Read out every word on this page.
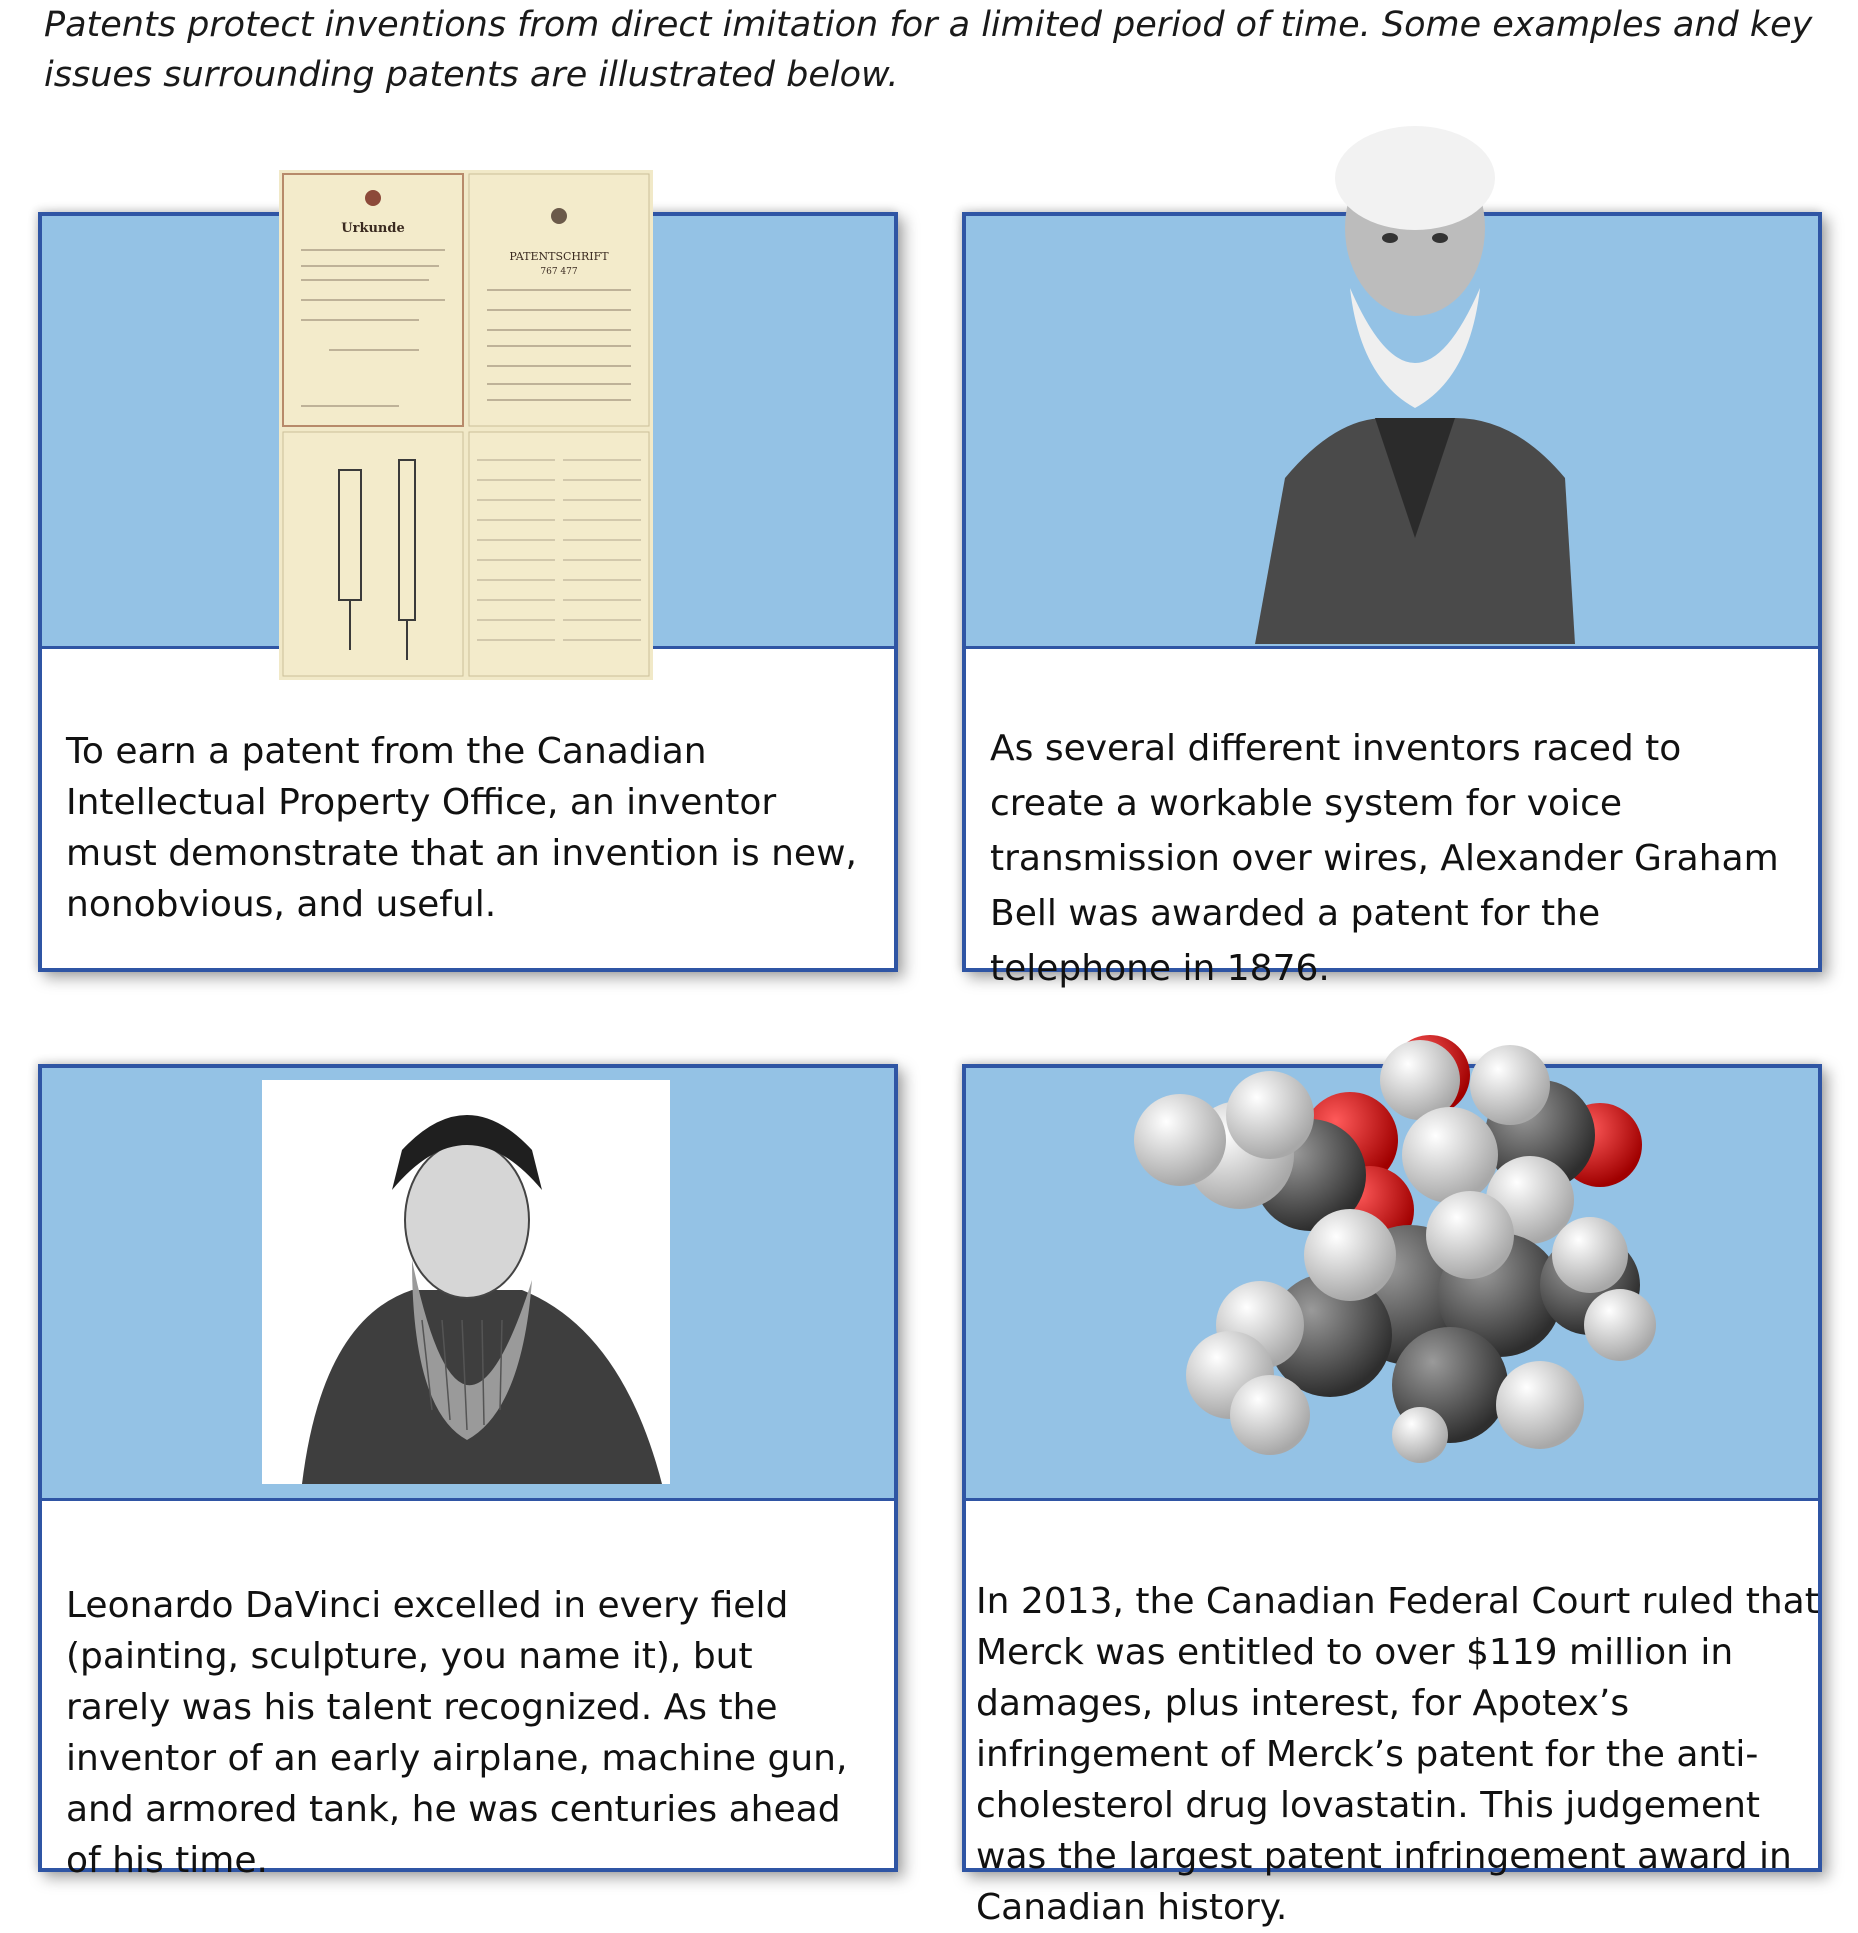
Patents protect inventions from direct imitation for a limited period of time. Some examples and key issues surrounding patents are illustrated below.
To earn a patent from the Canadian Intellectual Property Office, an inventor must demonstrate that an invention is new, nonobvious, and useful.
Urkunde
PATENTSCHRIFT
767 477
As several different inventors raced to create a workable system for voice transmission over wires, Alexander Graham Bell was awarded a patent for the telephone in 1876.
Leonardo DaVinci excelled in every field (painting, sculpture, you name it), but rarely was his talent recognized. As the inventor of an early airplane, machine gun, and armored tank, he was centuries ahead of his time.
In 2013, the Canadian Federal Court ruled that Merck was entitled to over $119 million in damages, plus interest, for Apotex’s infringement of Merck’s patent for the anti-cholesterol drug lovastatin. This judgement was the largest patent infringement award in Canadian history.
